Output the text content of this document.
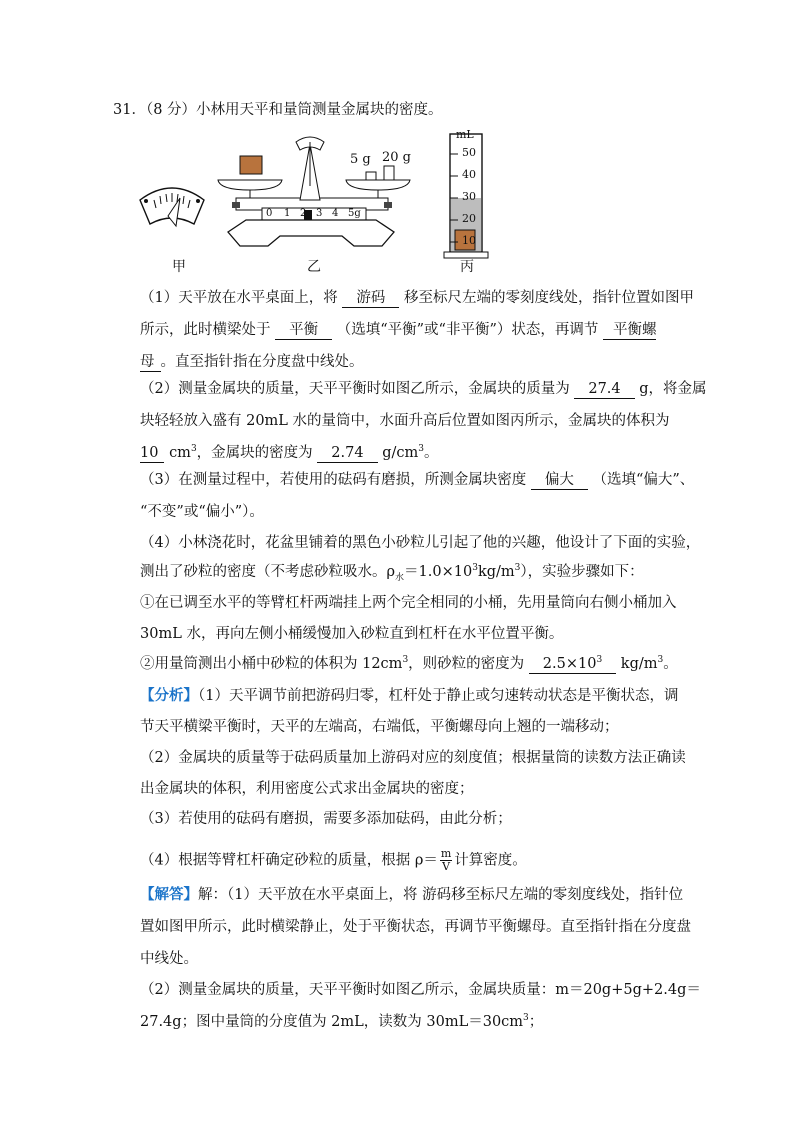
31．（8 分）小林用天平和量筒测量金属块的密度。
甲	乙	丙
5 g 20 g
0 1 2 3 4 5g
mL
50
40
30
20
10
（1）天平放在水平桌面上，将 游码 移至标尺左端的零刻度线处，指针位置如图甲
所示，此时横梁处于 平衡 （选填“平衡”或“非平衡”）状态，再调节 平衡螺
母 。直至指针指在分度盘中线处。
（2）测量金属块的质量，天平平衡时如图乙所示，金属块的质量为 27.4 g，将金属
块轻轻放入盛有 20mL 水的量筒中，水面升高后位置如图丙所示，金属块的体积为
10 $cm^3$，金属块的密度为 2.74 $g/cm^3$。
（3）在测量过程中，若使用的砝码有磨损，所测金属块密度 偏大 （选填“偏大”、
“不变”或“偏小”）。
（4）小林浇花时，花盆里铺着的黑色小砂粒儿引起了他的兴趣，他设计了下面的实验，
测出了砂粒的密度（不考虑砂粒吸水。$\rho_水=1.0\times 10^3kg/m^3$），实验步骤如下：
①在已调至水平的等臂杠杆两端挂上两个完全相同的小桶，先用量筒向右侧小桶加入
30mL 水，再向左侧小桶缓慢加入砂粒直到杠杆在水平位置平衡。
②用量筒测出小桶中砂粒的体积为 $12cm^3$，则砂粒的密度为 $2.5\times 10^3$ $kg/m^3$。
【分析】（1）天平调节前把游码归零，杠杆处于静止或匀速转动状态是平衡状态，调
节天平横梁平衡时，天平的左端高，右端低，平衡螺母向上翘的一端移动；
（2）金属块的质量等于砝码质量加上游码对应的刻度值；根据量筒的读数方法正确读
出金属块的体积，利用密度公式求出金属块的密度；
（3）若使用的砝码有磨损，需要多添加砝码，由此分析；
（4）根据等臂杠杆确定砂粒的质量，根据 $\rho= \frac{m}{V}$ 计算密度。
【解答】解：（1）天平放在水平桌面上，将 游码移至标尺左端的零刻度线处，指针位
置如图甲所示，此时横梁静止，处于平衡状态，再调节平衡螺母。直至指针指在分度盘
中线处。
（2）测量金属块的质量，天平平衡时如图乙所示，金属块质量：m＝20g+5g+2.4g＝
27.4g；图中量筒的分度值为 2mL，读数为 $30mL=30cm^3$；
